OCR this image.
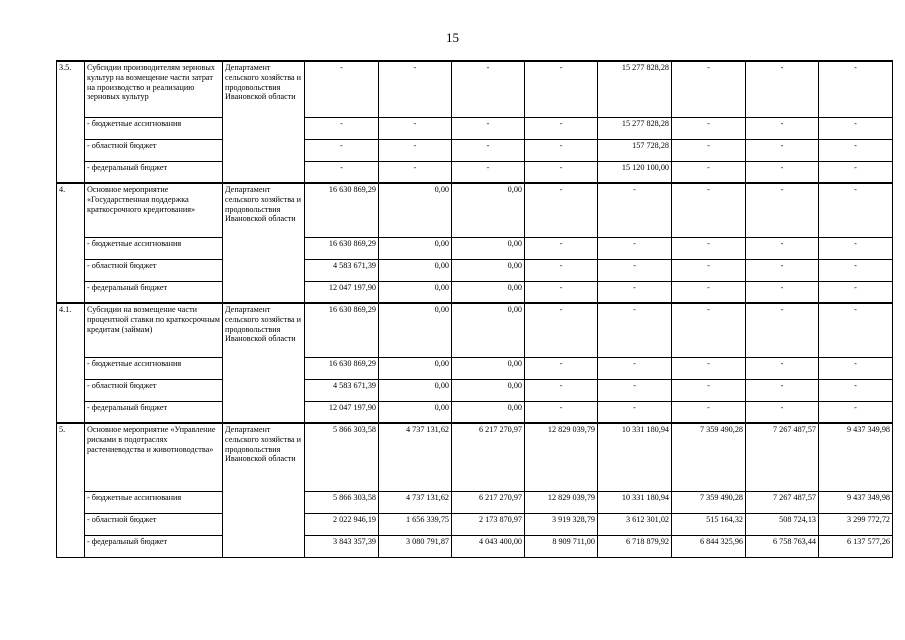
15
3.5.	Субсидии производителям зерновых культур на возмещение части затрат на производство и реализацию зерновых культур	Департамент сельского хозяйства и продовольствия Ивановской области	-	-	-	-	15 277 828,28	-	-	-
	- бюджетные ассигнования		-	-	-	-	15 277 828,28	-	-	-
	- областной бюджет		-	-	-	-	157 728,28	-	-	-
	- федеральный бюджет		-	-	-	-	15 120 100,00	-	-	-
4.	Основное мероприятие «Государственная поддержка краткосрочного кредитования»	Департамент сельского хозяйства и продовольствия Ивановской области	16 630 869,29	0,00	0,00	-	-	-	-	-
	- бюджетные ассигнования		16 630 869,29	0,00	0,00	-	-	-	-	-
	- областной бюджет		4 583 671,39	0,00	0,00	-	-	-	-	-
	- федеральный бюджет		12 047 197,90	0,00	0,00	-	-	-	-	-
4.1.	Субсидии на возмещение части процентной ставки по краткосрочным кредитам (займам)	Департамент сельского хозяйства и продовольствия Ивановской области	16 630 869,29	0,00	0,00	-	-	-	-	-
	- бюджетные ассигнования		16 630 869,29	0,00	0,00	-	-	-	-	-
	- областной бюджет		4 583 671,39	0,00	0,00	-	-	-	-	-
	- федеральный бюджет		12 047 197,90	0,00	0,00	-	-	-	-	-
5.	Основное мероприятие «Управление рисками в подотраслях растениеводства и животноводства»	Департамент сельского хозяйства и продовольствия Ивановской области	5 866 303,58	4 737 131,62	6 217 270,97	12 829 039,79	10 331 180,94	7 359 490,28	7 267 487,57	9 437 349,98
	- бюджетные ассигнования		5 866 303,58	4 737 131,62	6 217 270,97	12 829 039,79	10 331 180,94	7 359 490,28	7 267 487,57	9 437 349,98
	- областной бюджет		2 022 946,19	1 656 339,75	2 173 870,97	3 919 328,79	3 612 301,02	515 164,32	508 724,13	3 299 772,72
	- федеральный бюджет		3 843 357,39	3 080 791,87	4 043 400,00	8 909 711,00	6 718 879,92	6 844 325,96	6 758 763,44	6 137 577,26
